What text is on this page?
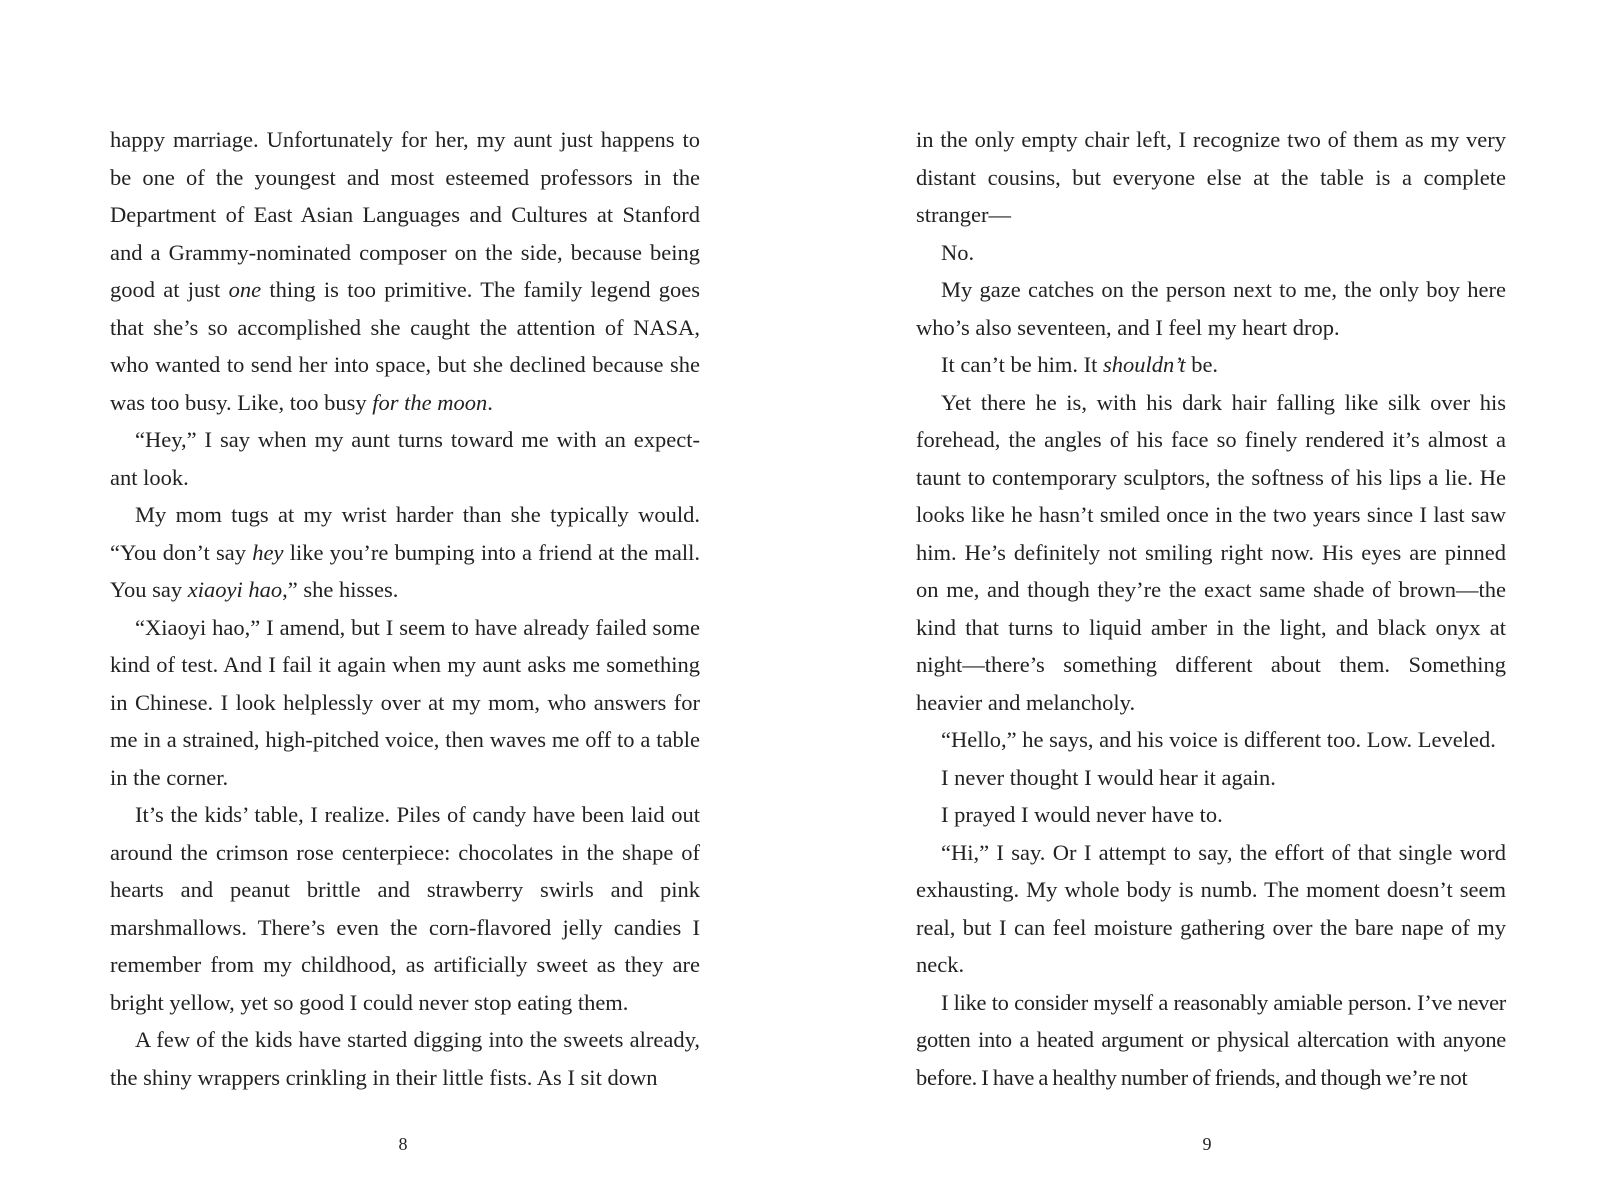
happy marriage. Unfortunately for her, my aunt just happens to be one of the youngest and most esteemed professors in the Department of East Asian Languages and Cultures at Stanford and a Grammy-nominated composer on the side, because being good at just one thing is too primitive. The family legend goes that she’s so accomplished she caught the attention of NASA, who wanted to send her into space, but she declined because she was too busy. Like, too busy for the moon.

“Hey,” I say when my aunt turns toward me with an expect-ant look.

My mom tugs at my wrist harder than she typically would. “You don’t say hey like you’re bumping into a friend at the mall. You say xiaoyi hao,” she hisses.

“Xiaoyi hao,” I amend, but I seem to have already failed some kind of test. And I fail it again when my aunt asks me something in Chinese. I look helplessly over at my mom, who answers for me in a strained, high-pitched voice, then waves me off to a table in the corner.

It’s the kids’ table, I realize. Piles of candy have been laid out around the crimson rose centerpiece: chocolates in the shape of hearts and peanut brittle and strawberry swirls and pink marshmallows. There’s even the corn-flavored jelly candies I remember from my childhood, as artificially sweet as they are bright yellow, yet so good I could never stop eating them.

A few of the kids have started digging into the sweets already, the shiny wrappers crinkling in their little fists. As I sit down

in the only empty chair left, I recognize two of them as my very distant cousins, but everyone else at the table is a complete stranger—

No.

My gaze catches on the person next to me, the only boy here who’s also seventeen, and I feel my heart drop.

It can’t be him. It shouldn’t be.

Yet there he is, with his dark hair falling like silk over his forehead, the angles of his face so finely rendered it’s almost a taunt to contemporary sculptors, the softness of his lips a lie. He looks like he hasn’t smiled once in the two years since I last saw him. He’s definitely not smiling right now. His eyes are pinned on me, and though they’re the exact same shade of brown—the kind that turns to liquid amber in the light, and black onyx at night—there’s something different about them. Something heavier and melancholy.

“Hello,” he says, and his voice is different too. Low. Leveled.

I never thought I would hear it again.

I prayed I would never have to.

“Hi,” I say. Or I attempt to say, the effort of that single word exhausting. My whole body is numb. The moment doesn’t seem real, but I can feel moisture gathering over the bare nape of my neck.

I like to consider myself a reasonably amiable person. I’ve never gotten into a heated argument or physical altercation with anyone before. I have a healthy number of friends, and though we’re not

8	9
